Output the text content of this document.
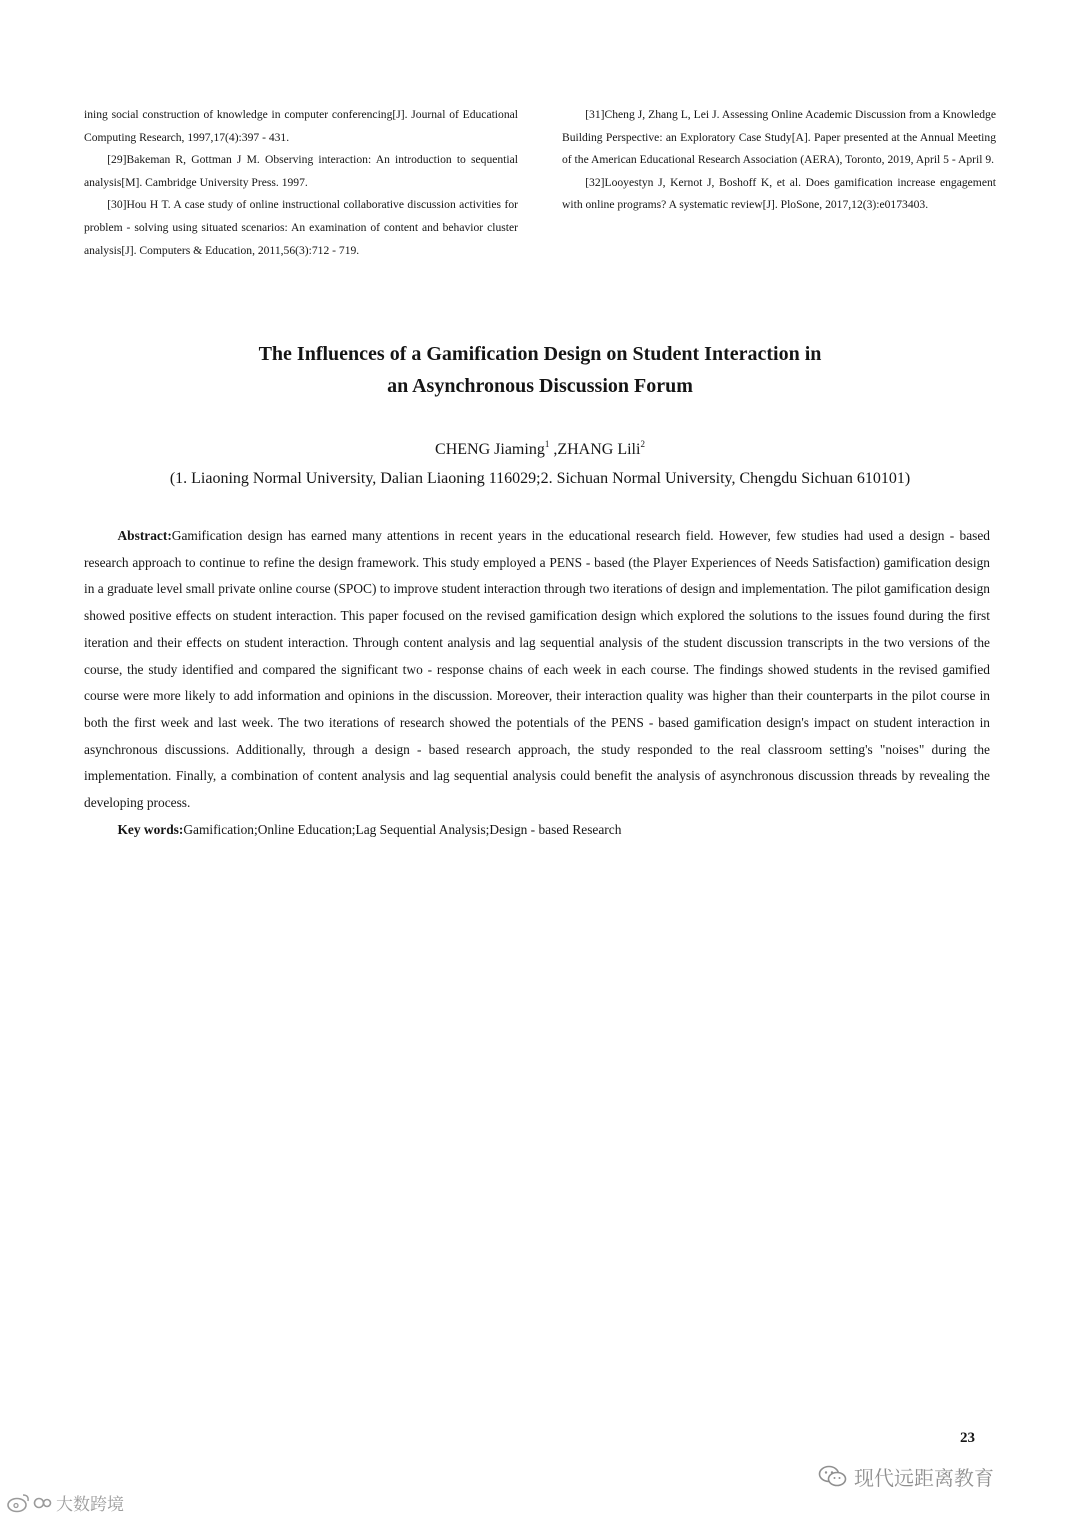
ining social construction of knowledge in computer conferencing[J]. Journal of Educational Computing Research, 1997,17(4):397 - 431.

[29]Bakeman R, Gottman J M. Observing interaction: An introduction to sequential analysis[M]. Cambridge University Press. 1997.

[30]Hou H T. A case study of online instructional collaborative discussion activities for problem - solving using situated scenarios: An examination of content and behavior cluster analysis[J]. Computers & Education, 2011,56(3):712 - 719.

[31]Cheng J, Zhang L, Lei J. Assessing Online Academic Discussion from a Knowledge Building Perspective: an Exploratory Case Study[A]. Paper presented at the Annual Meeting of the American Educational Research Association (AERA), Toronto, 2019, April 5 - April 9.

[32]Looyestyn J, Kernot J, Boshoff K, et al. Does gamification increase engagement with online programs? A systematic review[J]. PloSone, 2017,12(3):e0173403.

The Influences of a Gamification Design on Student Interaction in
an Asynchronous Discussion Forum
CHENG Jiaming$^1$ ,ZHANG Lili$^2$
(1. Liaoning Normal University, Dalian Liaoning 116029;2. Sichuan Normal University, Chengdu Sichuan 610101)

Abstract:Gamification design has earned many attentions in recent years in the educational research field. However, few studies had used a design - based research approach to continue to refine the design framework. This study employed a PENS - based (the Player Experiences of Needs Satisfaction) gamification design in a graduate level small private online course (SPOC) to improve student interaction through two iterations of design and implementation. The pilot gamification design showed positive effects on student interaction. This paper focused on the revised gamification design which explored the solutions to the issues found during the first iteration and their effects on student interaction. Through content analysis and lag sequential analysis of the student discussion transcripts in the two versions of the course, the study identified and compared the significant two - response chains of each week in each course. The findings showed students in the revised gamified course were more likely to add information and opinions in the discussion. Moreover, their interaction quality was higher than their counterparts in the pilot course in both the first week and last week. The two iterations of research showed the potentials of the PENS - based gamification design's impact on student interaction in asynchronous discussions. Additionally, through a design - based research approach, the study responded to the real classroom setting's "noises" during the implementation. Finally, a combination of content analysis and lag sequential analysis could benefit the analysis of asynchronous discussion threads by revealing the developing process.

Key words:Gamification;Online Education;Lag Sequential Analysis;Design - based Research

23
现代远距离教育
大数跨境
